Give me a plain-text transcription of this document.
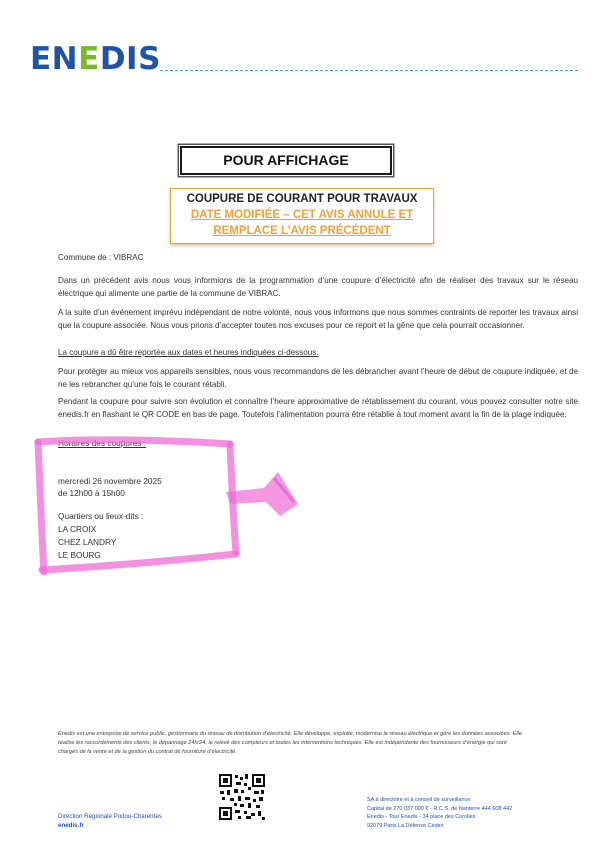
ENEDIS
POUR AFFICHAGE
COUPURE DE COURANT POUR TRAVAUX
DATE MODIFIÉE – CET AVIS ANNULE ET
REMPLACE L’AVIS PRÉCÉDENT
Commune de : VIBRAC
Dans un précédent avis nous vous informions de la programmation d’une coupure d’électricité afin de réaliser des travaux sur le réseau électrique qui alimente une partie de la commune de VIBRAC.
A la suite d’un événement imprévu indépendant de notre volonté, nous vous informons que nous sommes contraints de reporter les travaux ainsi que la coupure associée. Nous vous prions d’accepter toutes nos excuses pour ce report et la gêne que cela pourrait occasionner.
La coupure a dû être reportée aux dates et heures indiquées ci-dessous.
Pour protéger au mieux vos appareils sensibles, nous vous recommandons de les débrancher avant l’heure de début de coupure indiquée, et de ne les rebrancher qu’une fois le courant rétabli.
Pendant la coupure pour suivre son évolution et connaître l’heure approximative de rétablissement du courant, vous pouvez consulter notre site enedis.fr en flashant le QR CODE en bas de page. Toutefois l’alimentation pourra être rétablie à tout moment avant la fin de la plage indiquée.
Horaires des coupures :
mercredi 26 novembre 2025
de 12h00 à 15h00
Quartiers ou lieux-dits :
LA CROIX
CHEZ LANDRY
LE BOURG
Enedis est une entreprise de service public, gestionnaire du réseau de distribution d’électricité. Elle développe, exploite, modernise le réseau électrique et gère les données associées. Elle réalise les raccordements des clients, le dépannage 24h/24, le relevé des compteurs et toutes les interventions techniques. Elle est indépendante des fournisseurs d’énergie qui sont chargés de la vente et de la gestion du contrat de fourniture d’électricité.
Direction Régionale Poitou-Charentes
enedis.fr
SA à directoire et à conseil de surveillance
Capital de 270 037 000 € - R.C.S. de Nanterre 444 608 442
Enedis - Tour Enedis - 34 place des Corolles
92079 Paris La Défense Cedex
